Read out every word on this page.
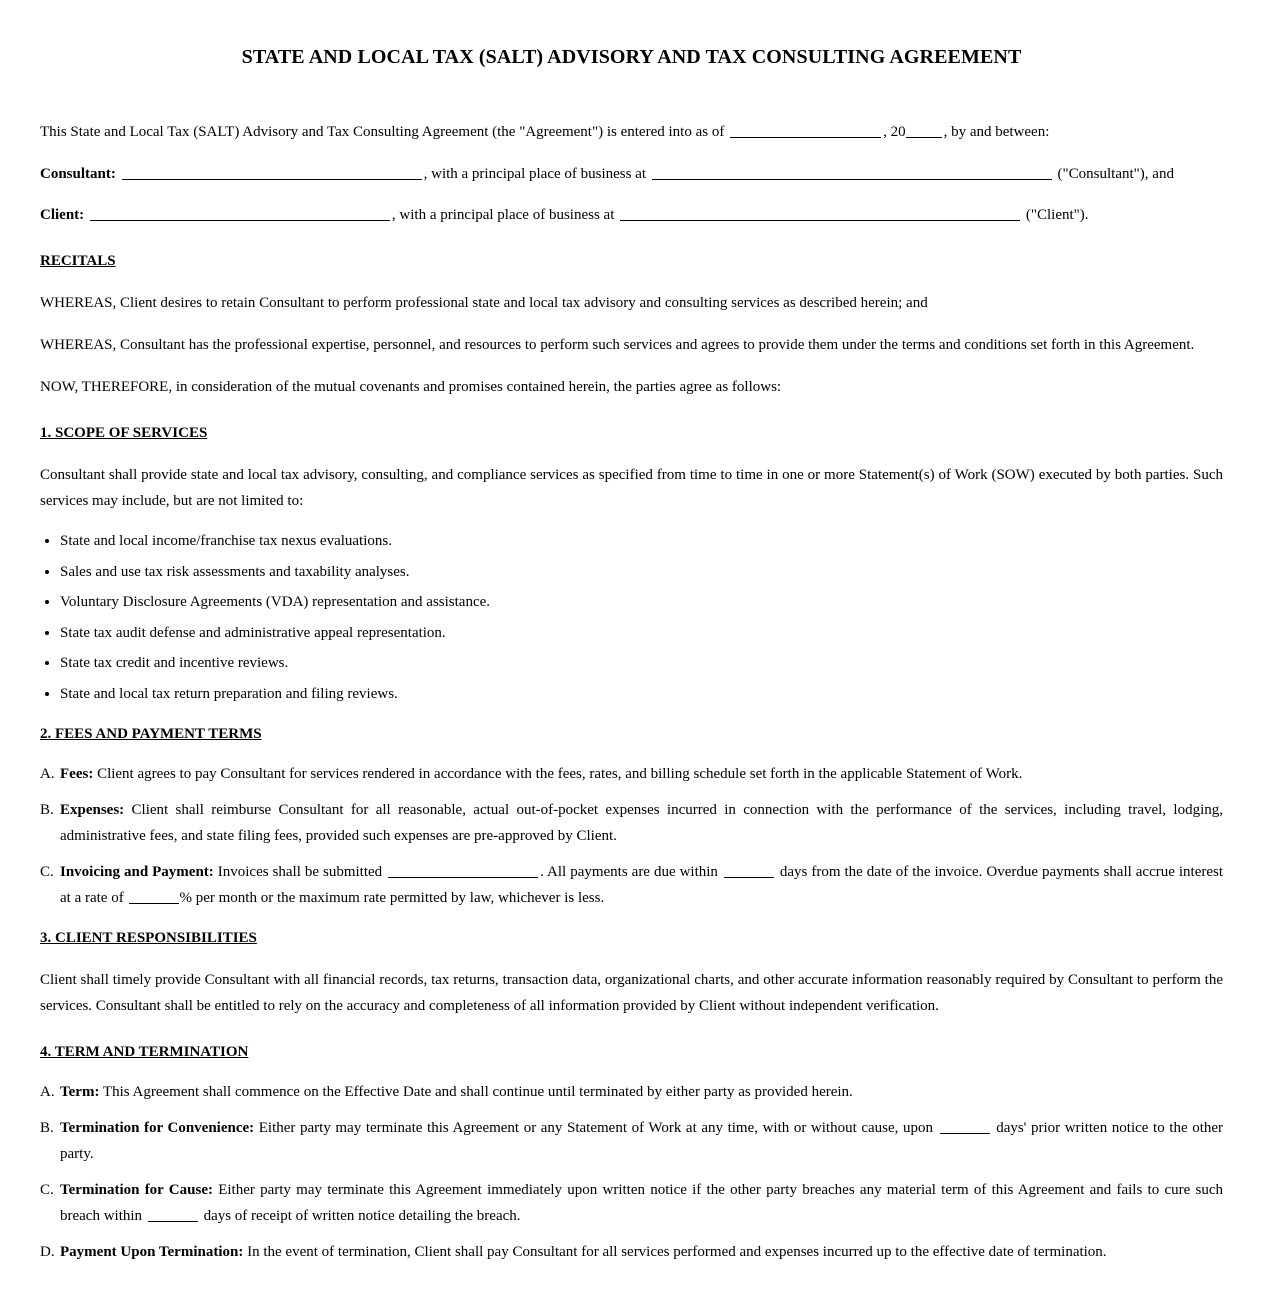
STATE AND LOCAL TAX (SALT) ADVISORY AND TAX CONSULTING AGREEMENT

This State and Local Tax (SALT) Advisory and Tax Consulting Agreement (the "Agreement") is entered into as of	, 20	, by and between:

Consultant:	, with a principal place of business at	("Consultant"), and

Client:	, with a principal place of business at	("Client").

RECITALS

WHEREAS, Client desires to retain Consultant to perform professional state and local tax advisory and consulting services as described herein; and

WHEREAS, Consultant has the professional expertise, personnel, and resources to perform such services and agrees to provide them under the terms and conditions set forth in this Agreement.

NOW, THEREFORE, in consideration of the mutual covenants and promises contained herein, the parties agree as follows:

1. SCOPE OF SERVICES

Consultant shall provide state and local tax advisory, consulting, and compliance services as specified from time to time in one or more Statement(s) of Work (SOW) executed by both parties. Such services may include, but are not limited to:

• State and local income/franchise tax nexus evaluations.
• Sales and use tax risk assessments and taxability analyses.
• Voluntary Disclosure Agreements (VDA) representation and assistance.
• State tax audit defense and administrative appeal representation.
• State tax credit and incentive reviews.
• State and local tax return preparation and filing reviews.

2. FEES AND PAYMENT TERMS

A. Fees: Client agrees to pay Consultant for services rendered in accordance with the fees, rates, and billing schedule set forth in the applicable Statement of Work.
B. Expenses: Client shall reimburse Consultant for all reasonable, actual out-of-pocket expenses incurred in connection with the performance of the services, including travel, lodging, administrative fees, and state filing fees, provided such expenses are pre-approved by Client.
C. Invoicing and Payment: Invoices shall be submitted	. All payments are due within	days from the date of the invoice. Overdue payments shall accrue interest at a rate of	% per month or the maximum rate permitted by law, whichever is less.

3. CLIENT RESPONSIBILITIES

Client shall timely provide Consultant with all financial records, tax returns, transaction data, organizational charts, and other accurate information reasonably required by Consultant to perform the services. Consultant shall be entitled to rely on the accuracy and completeness of all information provided by Client without independent verification.

4. TERM AND TERMINATION

A. Term: This Agreement shall commence on the Effective Date and shall continue until terminated by either party as provided herein.
B. Termination for Convenience: Either party may terminate this Agreement or any Statement of Work at any time, with or without cause, upon	days' prior written notice to the other party.
C. Termination for Cause: Either party may terminate this Agreement immediately upon written notice if the other party breaches any material term of this Agreement and fails to cure such breach within	days of receipt of written notice detailing the breach.
D. Payment Upon Termination: In the event of termination, Client shall pay Consultant for all services performed and expenses incurred up to the effective date of termination.
